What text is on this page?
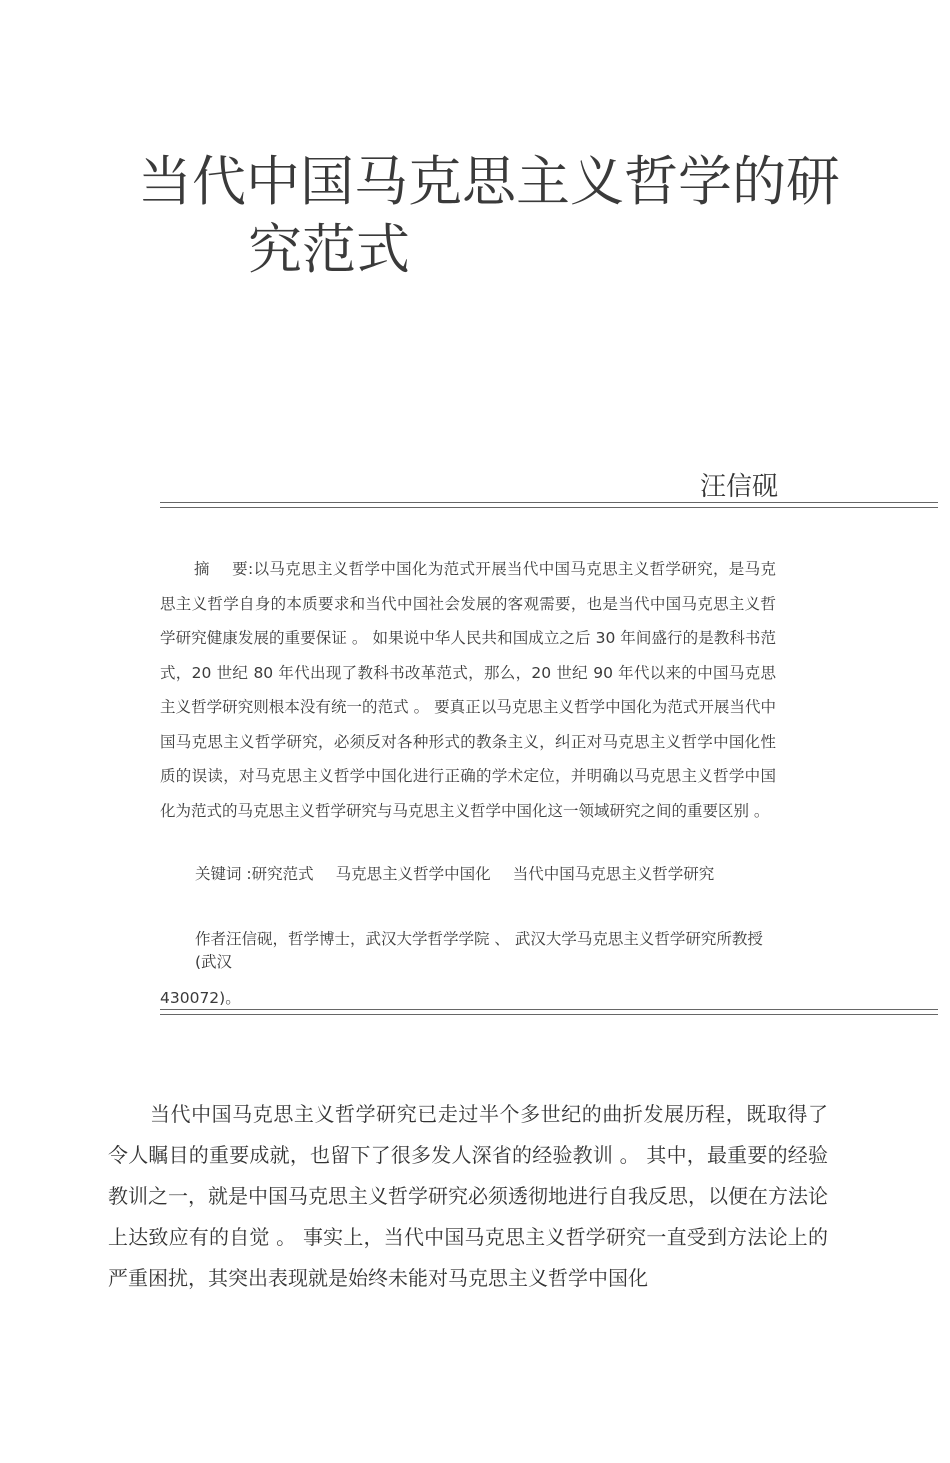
当代中国马克思主义哲学的研
究范式
汪信砚

摘 要:以马克思主义哲学中国化为范式开展当代中国马克思主义哲学研究，是马克思主义哲学自身的本质要求和当代中国社会发展的客观需要，也是当代中国马克思主义哲学研究健康发展的重要保证 。 如果说中华人民共和国成立之后 30 年间盛行的是教科书范式，20 世纪 80 年代出现了教科书改革范式，那么，20 世纪 90 年代以来的中国马克思主义哲学研究则根本没有统一的范式 。 要真正以马克思主义哲学中国化为范式开展当代中国马克思主义哲学研究，必须反对各种形式的教条主义，纠正对马克思主义哲学中国化性质的误读，对马克思主义哲学中国化进行正确的学术定位，并明确以马克思主义哲学中国化为范式的马克思主义哲学研究与马克思主义哲学中国化这一领域研究之间的重要区别 。

关键词 :研究范式 马克思主义哲学中国化 当代中国马克思主义哲学研究
作者汪信砚，哲学博士，武汉大学哲学学院 、 武汉大学马克思主义哲学研究所教授 (武汉
430072)。

当代中国马克思主义哲学研究已走过半个多世纪的曲折发展历程，既取得了令人瞩目的重要成就，也留下了很多发人深省的经验教训 。 其中，最重要的经验教训之一，就是中国马克思主义哲学研究必须透彻地进行自我反思，以便在方法论上达致应有的自觉 。 事实上，当代中国马克思主义哲学研究一直受到方法论上的严重困扰，其突出表现就是始终未能对马克思主义哲学中国化
